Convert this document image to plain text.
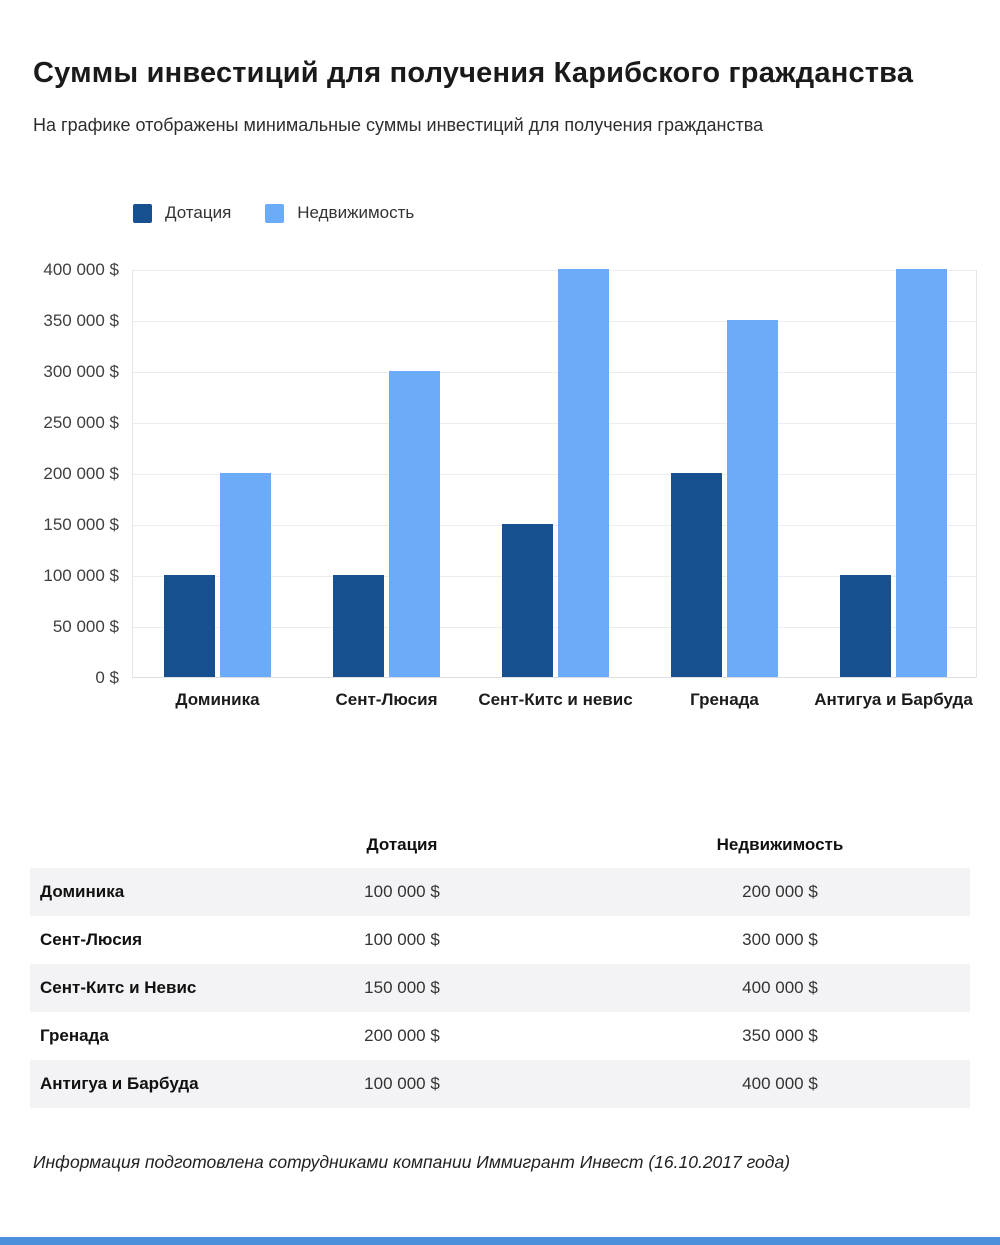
Суммы инвестиций для получения Карибского гражданства

На графике отображены минимальные суммы инвестиций для получения гражданства

Дотация	Недвижимость
400 000 $
350 000 $
300 000 $
250 000 $
200 000 $
150 000 $
100 000 $
50 000 $
0 $
Доминика	Сент-Люсия	Сент-Китс и невис	Гренада	Антигуа и Барбуда
Дотация	Недвижимость
Доминика	100 000 $	200 000 $
Сент-Люсия	100 000 $	300 000 $
Сент-Китс и Невис	150 000 $	400 000 $
Гренада	200 000 $	350 000 $
Антигуа и Барбуда	100 000 $	400 000 $

Информация подготовлена сотрудниками компании Иммигрант Инвест (16.10.2017 года)
